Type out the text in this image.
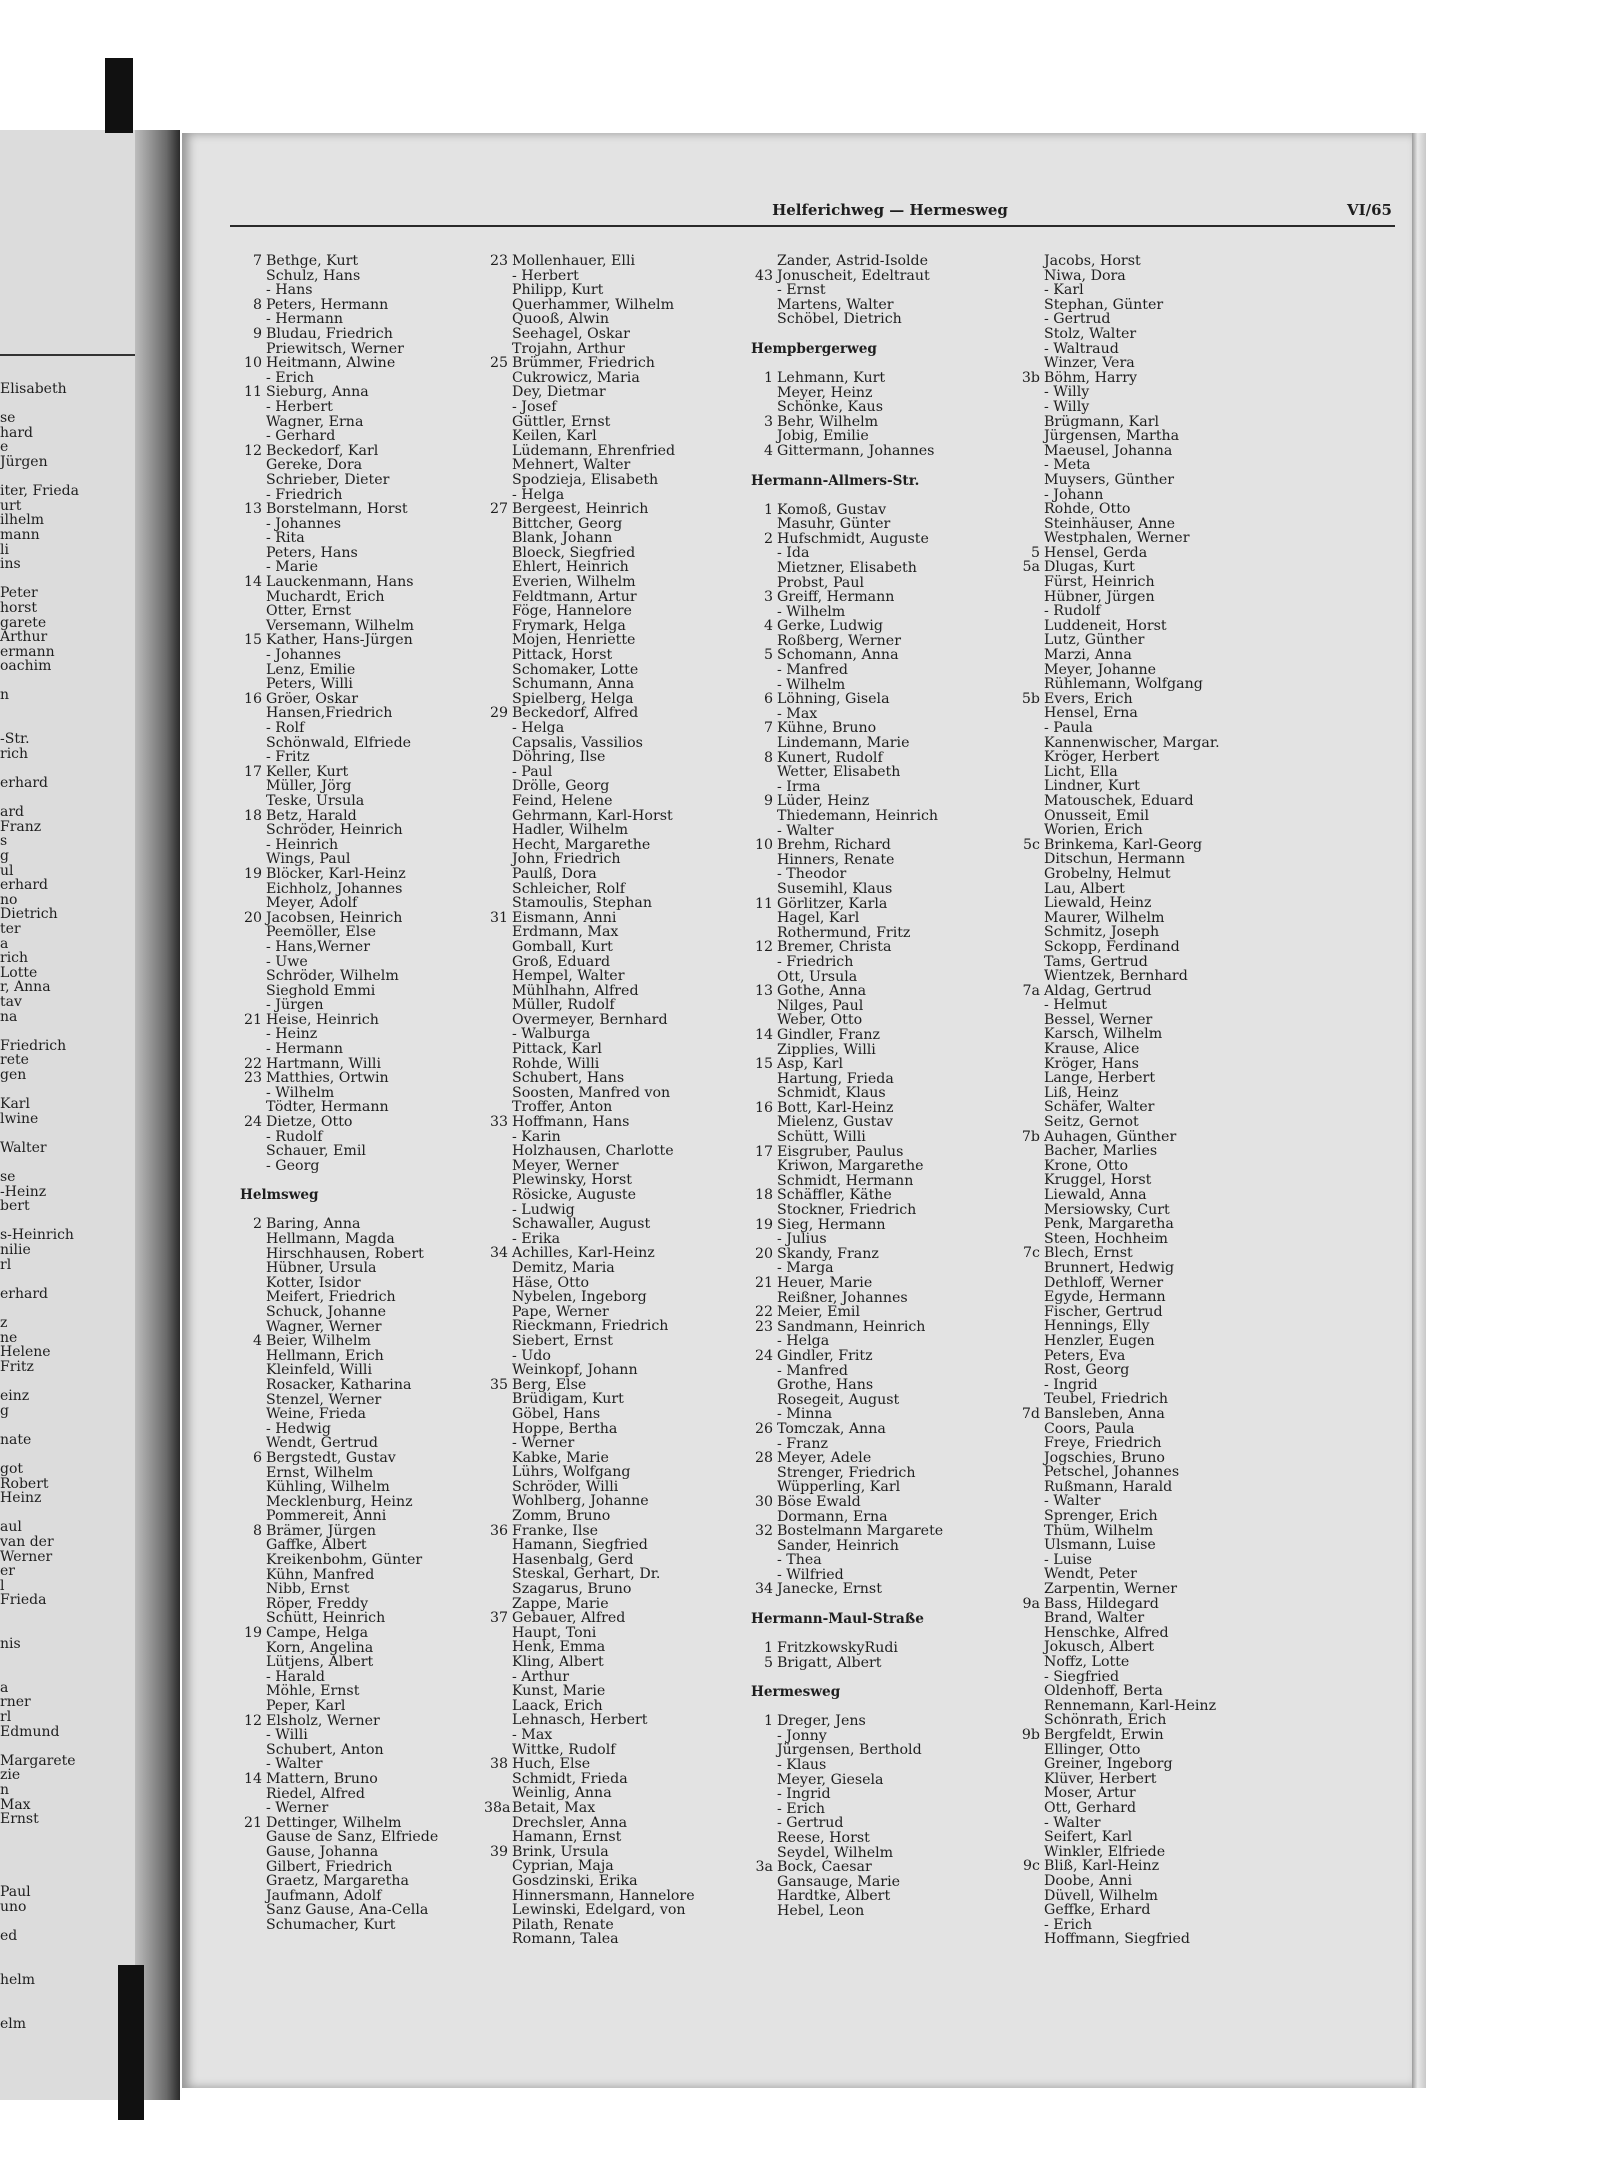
Elisabeth
se
hard
e
Jürgen
iter, Frieda
urt
ilhelm
mann
li
ins
Peter
horst
garete
Arthur
ermann
oachim
n
-Str.
rich
erhard
ard
Franz
s
g
ul
erhard
no
Dietrich
ter
a
rich
Lotte
r, Anna
tav
na
Friedrich
rete
gen
Karl
lwine
Walter
se
-Heinz
bert
s-Heinrich
nilie
rl
erhard
z
ne
Helene
Fritz
einz
g
nate
got
Robert
Heinz
aul
van der
Werner
er
l
Frieda
nis
a
rner
rl
Edmund
Margarete
zie
n
Max
Ernst
Paul
uno
ed
helm
elm
Helferichweg — Hermesweg	VI/65
7 Bethge, Kurt
Schulz, Hans
- Hans
8 Peters, Hermann
- Hermann
9 Bludau, Friedrich
Priewitsch, Werner
10 Heitmann, Alwine
- Erich
11 Sieburg, Anna
- Herbert
Wagner, Erna
- Gerhard
12 Beckedorf, Karl
Gereke, Dora
Schrieber, Dieter
- Friedrich
13 Borstelmann, Horst
- Johannes
- Rita
Peters, Hans
- Marie
14 Lauckenmann, Hans
Muchardt, Erich
Otter, Ernst
Versemann, Wilhelm
15 Kather, Hans-Jürgen
- Johannes
Lenz, Emilie
Peters, Willi
16 Gröer, Oskar
Hansen,Friedrich
- Rolf
Schönwald, Elfriede
- Fritz
17 Keller, Kurt
Müller, Jörg
Teske, Ursula
18 Betz, Harald
Schröder, Heinrich
- Heinrich
Wings, Paul
19 Blöcker, Karl-Heinz
Eichholz, Johannes
Meyer, Adolf
20 Jacobsen, Heinrich
Peemöller, Else
- Hans,Werner
- Uwe
Schröder, Wilhelm
Sieghold Emmi
- Jürgen
21 Heise, Heinrich
- Heinz
- Hermann
22 Hartmann, Willi
23 Matthies, Ortwin
- Wilhelm
Tödter, Hermann
24 Dietze, Otto
- Rudolf
Schauer, Emil
- Georg
Helmsweg
2 Baring, Anna
Hellmann, Magda
Hirschhausen, Robert
Hübner, Ursula
Kotter, Isidor
Meifert, Friedrich
Schuck, Johanne
Wagner, Werner
4 Beier, Wilhelm
Hellmann, Erich
Kleinfeld, Willi
Rosacker, Katharina
Stenzel, Werner
Weine, Frieda
- Hedwig
Wendt, Gertrud
6 Bergstedt, Gustav
Ernst, Wilhelm
Kühling, Wilhelm
Mecklenburg, Heinz
Pommereit, Anni
8 Brämer, Jürgen
Gaffke, Albert
Kreikenbohm, Günter
Kühn, Manfred
Nibb, Ernst
Röper, Freddy
Schütt, Heinrich
19 Campe, Helga
Korn, Angelina
Lütjens, Albert
- Harald
Möhle, Ernst
Peper, Karl
12 Elsholz, Werner
- Willi
Schubert, Anton
- Walter
14 Mattern, Bruno
Riedel, Alfred
- Werner
21 Dettinger, Wilhelm
Gause de Sanz, Elfriede
Gause, Johanna
Gilbert, Friedrich
Graetz, Margaretha
Jaufmann, Adolf
Sanz Gause, Ana-Cella
Schumacher, Kurt
23 Mollenhauer, Elli
- Herbert
Philipp, Kurt
Querhammer, Wilhelm
Quooß, Alwin
Seehagel, Oskar
Trojahn, Arthur
25 Brümmer, Friedrich
Cukrowicz, Maria
Dey, Dietmar
- Josef
Güttler, Ernst
Keilen, Karl
Lüdemann, Ehrenfried
Mehnert, Walter
Spodzieja, Elisabeth
- Helga
27 Bergeest, Heinrich
Bittcher, Georg
Blank, Johann
Bloeck, Siegfried
Ehlert, Heinrich
Everien, Wilhelm
Feldtmann, Artur
Föge, Hannelore
Frymark, Helga
Mojen, Henriette
Pittack, Horst
Schomaker, Lotte
Schumann, Anna
Spielberg, Helga
29 Beckedorf, Alfred
- Helga
Capsalis, Vassilios
Döhring, Ilse
- Paul
Drölle, Georg
Feind, Helene
Gehrmann, Karl-Horst
Hadler, Wilhelm
Hecht, Margarethe
John, Friedrich
Paulß, Dora
Schleicher, Rolf
Stamoulis, Stephan
31 Eismann, Anni
Erdmann, Max
Gomball, Kurt
Groß, Eduard
Hempel, Walter
Mühlhahn, Alfred
Müller, Rudolf
Overmeyer, Bernhard
- Walburga
Pittack, Karl
Rohde, Willi
Schubert, Hans
Soosten, Manfred von
Troffer, Anton
33 Hoffmann, Hans
- Karin
Holzhausen, Charlotte
Meyer, Werner
Plewinsky, Horst
Rösicke, Auguste
- Ludwig
Schawaller, August
- Erika
34 Achilles, Karl-Heinz
Demitz, Maria
Häse, Otto
Nybelen, Ingeborg
Pape, Werner
Rieckmann, Friedrich
Siebert, Ernst
- Udo
Weinkopf, Johann
35 Berg, Else
Brüdigam, Kurt
Göbel, Hans
Hoppe, Bertha
- Werner
Kabke, Marie
Lührs, Wolfgang
Schröder, Willi
Wohlberg, Johanne
Zomm, Bruno
36 Franke, Ilse
Hamann, Siegfried
Hasenbalg, Gerd
Steskal, Gerhart, Dr.
Szagarus, Bruno
Zappe, Marie
37 Gebauer, Alfred
Haupt, Toni
Henk, Emma
Kling, Albert
- Arthur
Kunst, Marie
Laack, Erich
Lehnasch, Herbert
- Max
Wittke, Rudolf
38 Huch, Else
Schmidt, Frieda
Weinlig, Anna
38a Betait, Max
Drechsler, Anna
Hamann, Ernst
39 Brink, Ursula
Cyprian, Maja
Gosdzinski, Erika
Hinnersmann, Hannelore
Lewinski, Edelgard, von
Pilath, Renate
Romann, Talea
Zander, Astrid-Isolde
43 Jonuscheit, Edeltraut
- Ernst
Martens, Walter
Schöbel, Dietrich
Hempbergerweg
1 Lehmann, Kurt
Meyer, Heinz
Schönke, Kaus
3 Behr, Wilhelm
Jobig, Emilie
4 Gittermann, Johannes
Hermann-Allmers-Str.
1 Komoß, Gustav
Masuhr, Günter
2 Hufschmidt, Auguste
- Ida
Mietzner, Elisabeth
Probst, Paul
3 Greiff, Hermann
- Wilhelm
4 Gerke, Ludwig
Roßberg, Werner
5 Schomann, Anna
- Manfred
- Wilhelm
6 Löhning, Gisela
- Max
7 Kühne, Bruno
Lindemann, Marie
8 Kunert, Rudolf
Wetter, Elisabeth
- Irma
9 Lüder, Heinz
Thiedemann, Heinrich
- Walter
10 Brehm, Richard
Hinners, Renate
- Theodor
Susemihl, Klaus
11 Görlitzer, Karla
Hagel, Karl
Rothermund, Fritz
12 Bremer, Christa
- Friedrich
Ott, Ursula
13 Gothe, Anna
Nilges, Paul
Weber, Otto
14 Gindler, Franz
Zipplies, Willi
15 Asp, Karl
Hartung, Frieda
Schmidt, Klaus
16 Bott, Karl-Heinz
Mielenz, Gustav
Schütt, Willi
17 Eisgruber, Paulus
Kriwon, Margarethe
Schmidt, Hermann
18 Schäffler, Käthe
Stockner, Friedrich
19 Sieg, Hermann
- Julius
20 Skandy, Franz
- Marga
21 Heuer, Marie
Reißner, Johannes
22 Meier, Emil
23 Sandmann, Heinrich
- Helga
24 Gindler, Fritz
- Manfred
Grothe, Hans
Rosegeit, August
- Minna
26 Tomczak, Anna
- Franz
28 Meyer, Adele
Strenger, Friedrich
Wüpperling, Karl
30 Böse Ewald
Dormann, Erna
32 Bostelmann Margarete
Sander, Heinrich
- Thea
- Wilfried
34 Janecke, Ernst
Hermann-Maul-Straße
1 FritzkowskyRudi
5 Brigatt, Albert
Hermesweg
1 Dreger, Jens
- Jonny
Jürgensen, Berthold
- Klaus
Meyer, Giesela
- Ingrid
- Erich
- Gertrud
Reese, Horst
Seydel, Wilhelm
3a Bock, Caesar
Gansauge, Marie
Hardtke, Albert
Hebel, Leon
Jacobs, Horst
Niwa, Dora
- Karl
Stephan, Günter
- Gertrud
Stolz, Walter
- Waltraud
Winzer, Vera
3b Böhm, Harry
- Willy
- Willy
Brügmann, Karl
Jürgensen, Martha
Maeusel, Johanna
- Meta
Muysers, Günther
- Johann
Rohde, Otto
Steinhäuser, Anne
Westphalen, Werner
5 Hensel, Gerda
5a Dlugas, Kurt
Fürst, Heinrich
Hübner, Jürgen
- Rudolf
Luddeneit, Horst
Lutz, Günther
Marzi, Anna
Meyer, Johanne
Rühlemann, Wolfgang
5b Evers, Erich
Hensel, Erna
- Paula
Kannenwischer, Margar.
Kröger, Herbert
Licht, Ella
Lindner, Kurt
Matouschek, Eduard
Onusseit, Emil
Worien, Erich
5c Brinkema, Karl-Georg
Ditschun, Hermann
Grobelny, Helmut
Lau, Albert
Liewald, Heinz
Maurer, Wilhelm
Schmitz, Joseph
Sckopp, Ferdinand
Tams, Gertrud
Wientzek, Bernhard
7a Aldag, Gertrud
- Helmut
Bessel, Werner
Karsch, Wilhelm
Krause, Alice
Kröger, Hans
Lange, Herbert
Liß, Heinz
Schäfer, Walter
Seitz, Gernot
7b Auhagen, Günther
Bacher, Marlies
Krone, Otto
Kruggel, Horst
Liewald, Anna
Mersiowsky, Curt
Penk, Margaretha
Steen, Hochheim
7c Blech, Ernst
Brunnert, Hedwig
Dethloff, Werner
Egyde, Hermann
Fischer, Gertrud
Hennings, Elly
Henzler, Eugen
Peters, Eva
Rost, Georg
- Ingrid
Teubel, Friedrich
7d Bansleben, Anna
Coors, Paula
Freye, Friedrich
Jogschies, Bruno
Petschel, Johannes
Rußmann, Harald
- Walter
Sprenger, Erich
Thüm, Wilhelm
Ulsmann, Luise
- Luise
Wendt, Peter
Zarpentin, Werner
9a Bass, Hildegard
Brand, Walter
Henschke, Alfred
Jokusch, Albert
Noffz, Lotte
- Siegfried
Oldenhoff, Berta
Rennemann, Karl-Heinz
Schönrath, Erich
9b Bergfeldt, Erwin
Ellinger, Otto
Greiner, Ingeborg
Klüver, Herbert
Moser, Artur
Ott, Gerhard
- Walter
Seifert, Karl
Winkler, Elfriede
9c Bliß, Karl-Heinz
Doobe, Anni
Düvell, Wilhelm
Geffke, Erhard
- Erich
Hoffmann, Siegfried
